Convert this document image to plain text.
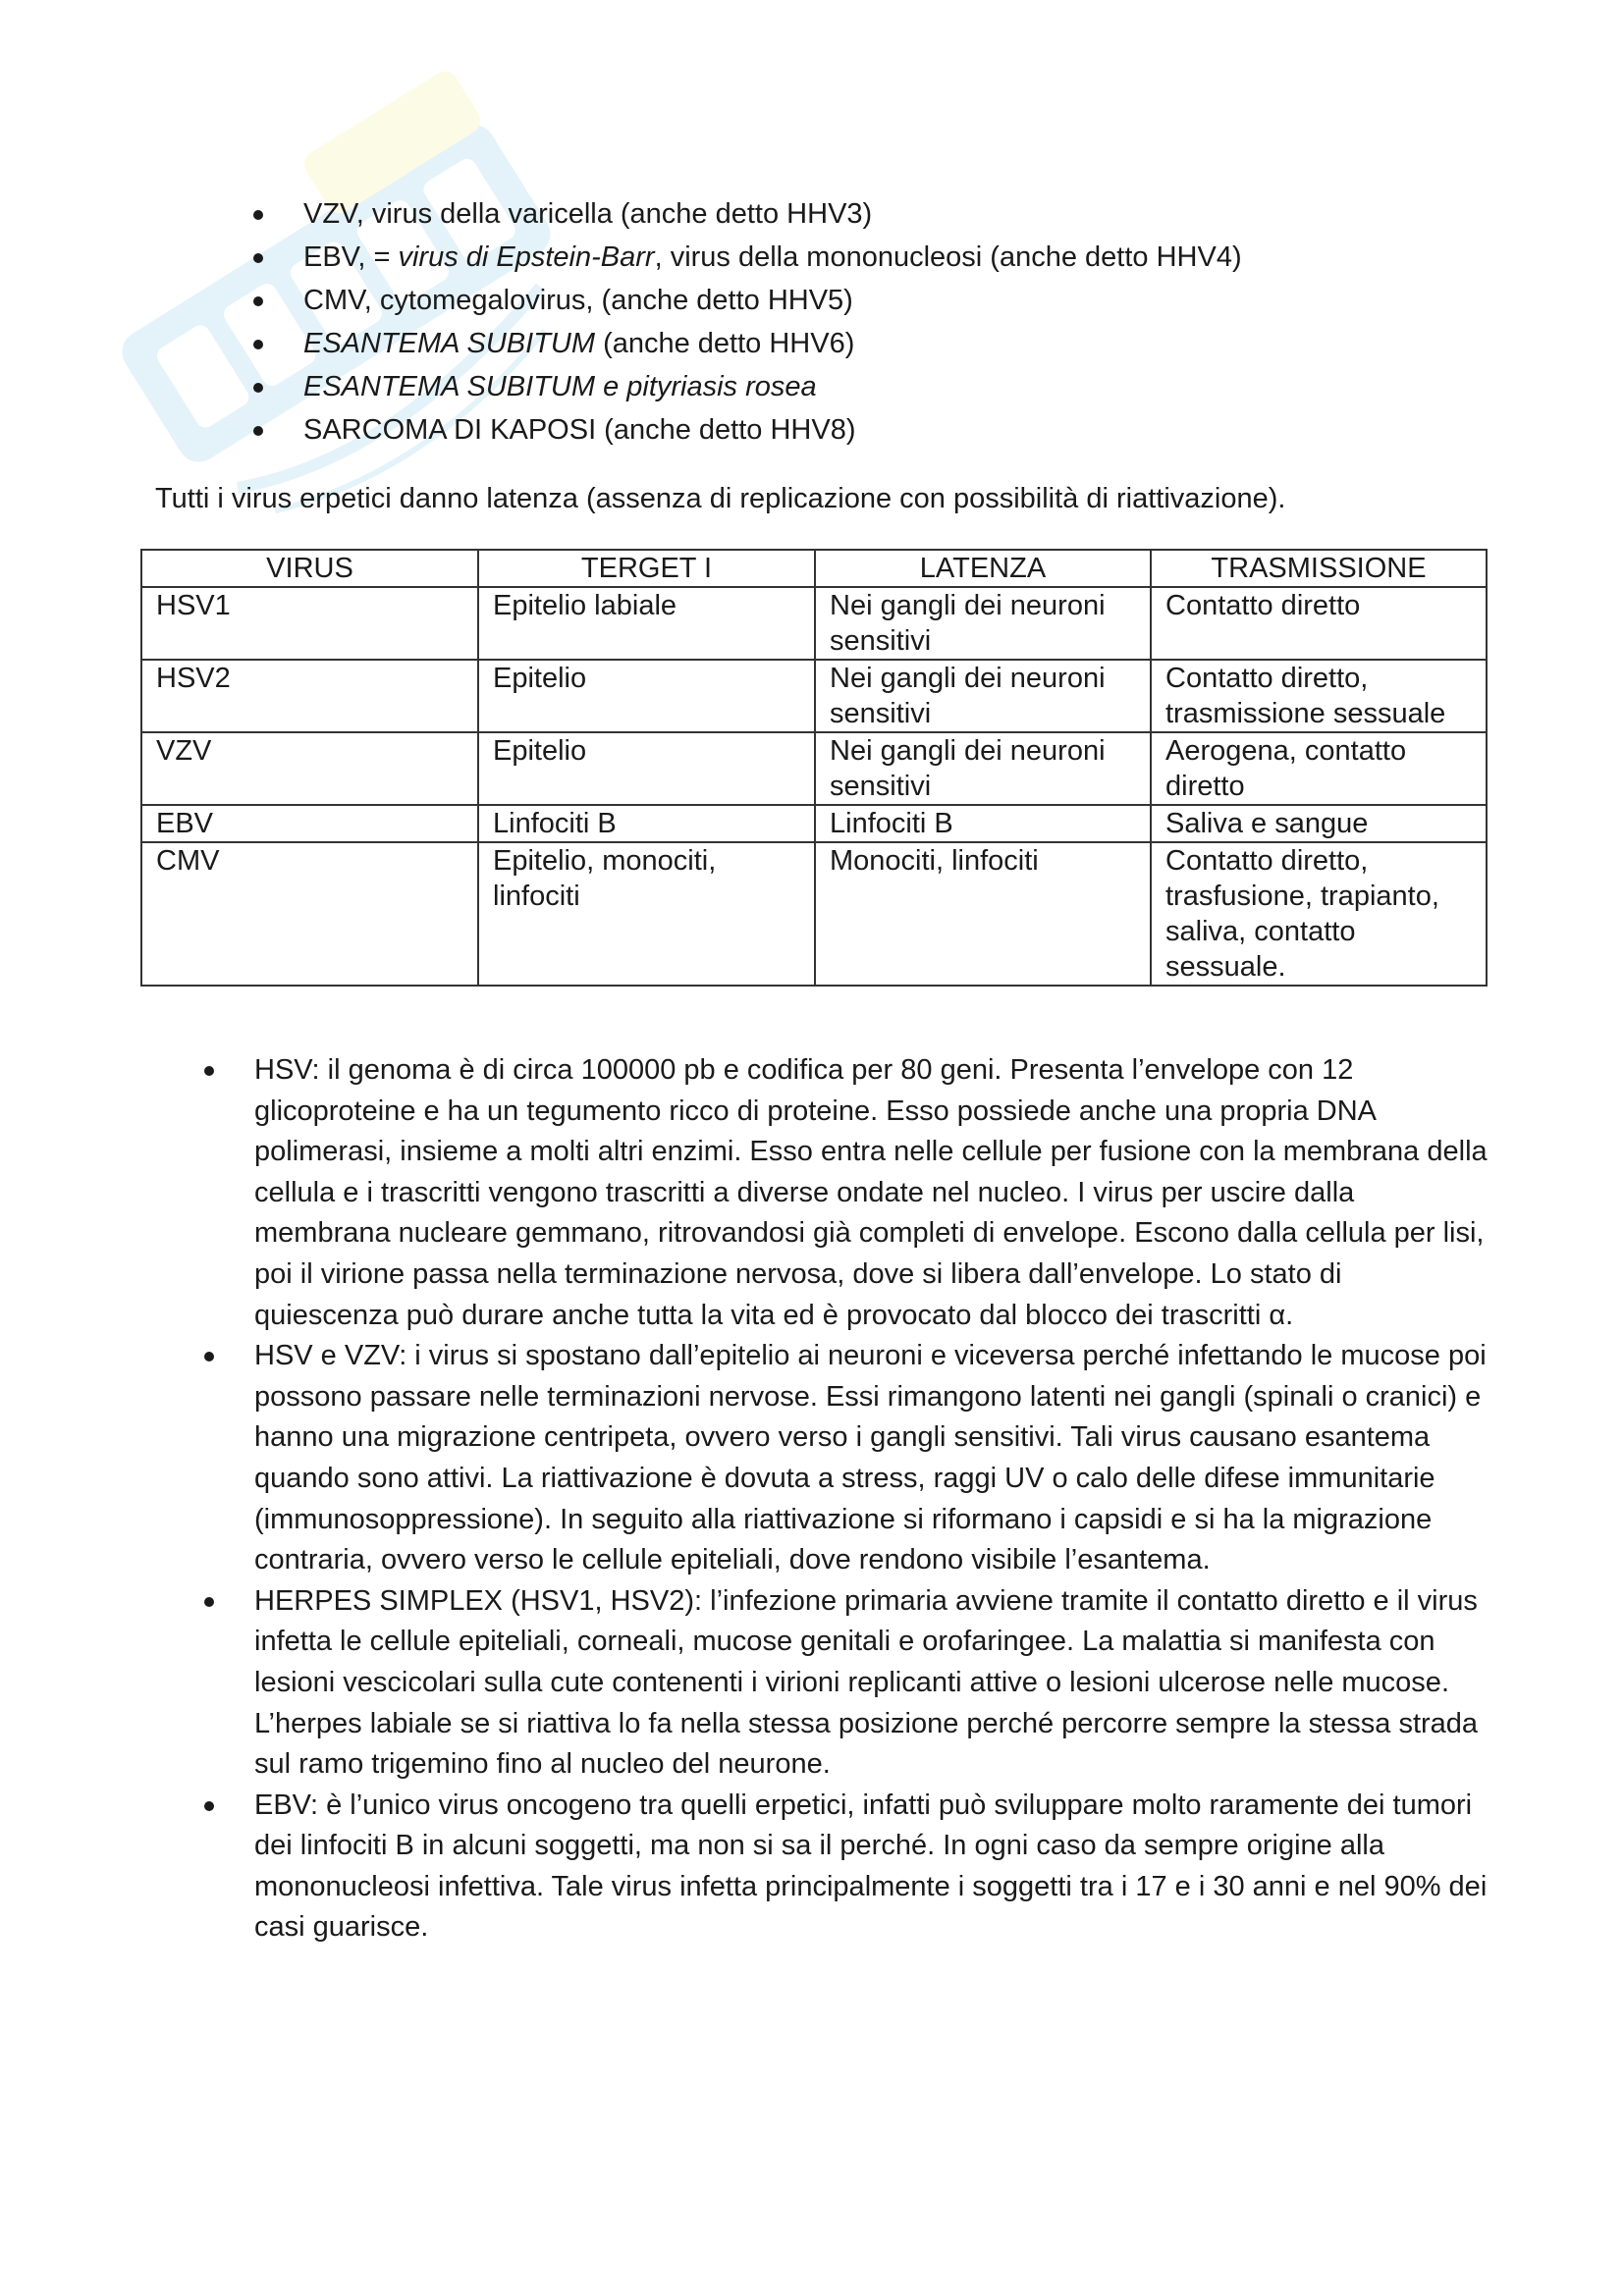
VZV, virus della varicella (anche detto HHV3)
EBV, = virus di Epstein-Barr, virus della mononucleosi (anche detto HHV4)
CMV, cytomegalovirus, (anche detto HHV5)
ESANTEMA SUBITUM (anche detto HHV6)
ESANTEMA SUBITUM e pityriasis rosea
SARCOMA DI KAPOSI (anche detto HHV8)

Tutti i virus erpetici danno latenza (assenza di replicazione con possibilità di riattivazione).

VIRUS	TERGET I	LATENZA	TRASMISSIONE
HSV1	Epitelio labiale	Nei gangli dei neuroni sensitivi	Contatto diretto
HSV2	Epitelio	Nei gangli dei neuroni sensitivi	Contatto diretto, trasmissione sessuale
VZV	Epitelio	Nei gangli dei neuroni sensitivi	Aerogena, contatto diretto
EBV	Linfociti B	Linfociti B	Saliva e sangue
CMV	Epitelio, monociti, linfociti	Monociti, linfociti	Contatto diretto, trasfusione, trapianto, saliva, contatto sessuale.
HSV: il genoma è di circa 100000 pb e codifica per 80 geni. Presenta l’envelope con 12 glicoproteine e ha un tegumento ricco di proteine. Esso possiede anche una propria DNA polimerasi, insieme a molti altri enzimi. Esso entra nelle cellule per fusione con la membrana della cellula e i trascritti vengono trascritti a diverse ondate nel nucleo. I virus per uscire dalla membrana nucleare gemmano, ritrovandosi già completi di envelope. Escono dalla cellula per lisi, poi il virione passa nella terminazione nervosa, dove si libera dall’envelope. Lo stato di quiescenza può durare anche tutta la vita ed è provocato dal blocco dei trascritti α.
HSV e VZV: i virus si spostano dall’epitelio ai neuroni e viceversa perché infettando le mucose poi possono passare nelle terminazioni nervose. Essi rimangono latenti nei gangli (spinali o cranici) e hanno una migrazione centripeta, ovvero verso i gangli sensitivi. Tali virus causano esantema quando sono attivi. La riattivazione è dovuta a stress, raggi UV o calo delle difese immunitarie (immunosoppressione). In seguito alla riattivazione si riformano i capsidi e si ha la migrazione contraria, ovvero verso le cellule epiteliali, dove rendono visibile l’esantema.
HERPES SIMPLEX (HSV1, HSV2): l’infezione primaria avviene tramite il contatto diretto e il virus infetta le cellule epiteliali, corneali, mucose genitali e orofaringee. La malattia si manifesta con lesioni vescicolari sulla cute contenenti i virioni replicanti attive o lesioni ulcerose nelle mucose. L’herpes labiale se si riattiva lo fa nella stessa posizione perché percorre sempre la stessa strada sul ramo trigemino fino al nucleo del neurone.
EBV: è l’unico virus oncogeno tra quelli erpetici, infatti può sviluppare molto raramente dei tumori dei linfociti B in alcuni soggetti, ma non si sa il perché. In ogni caso da sempre origine alla mononucleosi infettiva. Tale virus infetta principalmente i soggetti tra i 17 e i 30 anni e nel 90% dei casi guarisce.
